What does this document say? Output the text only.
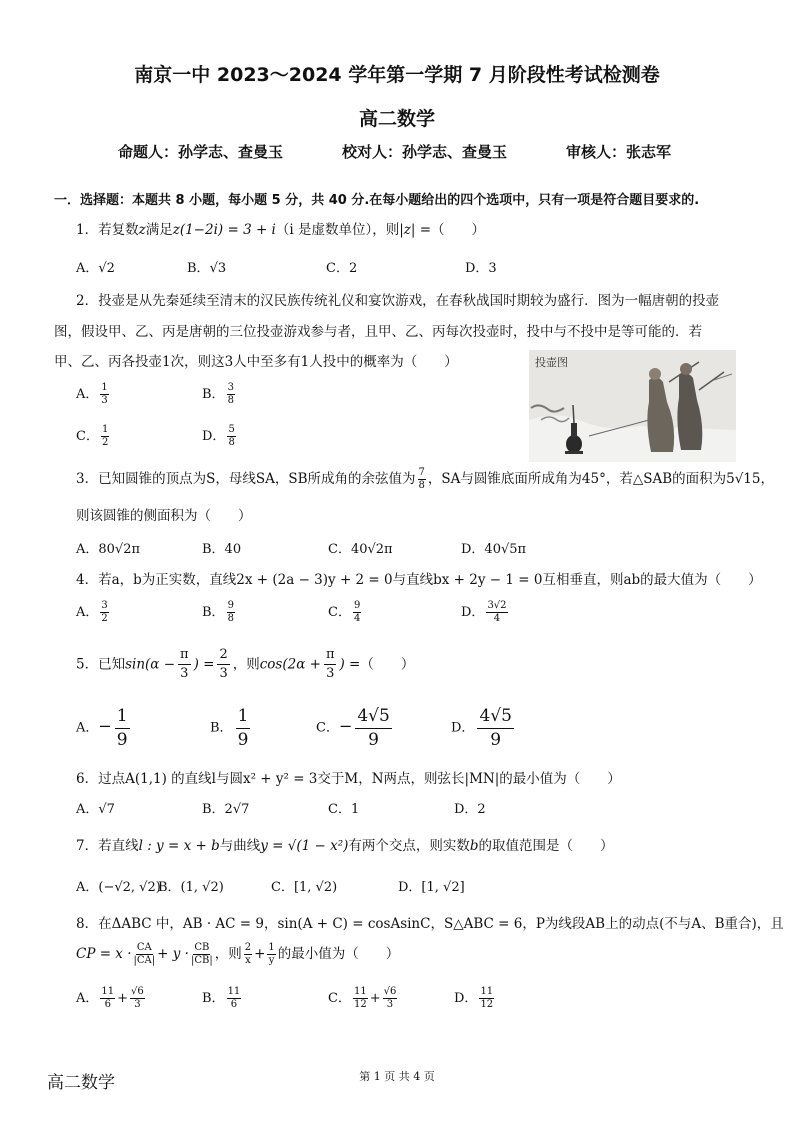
南京一中 2023～2024 学年第一学期 7 月阶段性考试检测卷
高二数学
命题人：孙学志、查曼玉	校对人：孙学志、查曼玉	审核人：张志军
一．选择题：本题共 8 小题，每小题 5 分，共 40 分.在每小题给出的四个选项中，只有一项是符合题目要求的.
1．若复数z满足z(1−2i) = 3 + i（i 是虚数单位），则|z| =（　　）
A．√2	B．√3	C．2	D．3
2．投壶是从先秦延续至清末的汉民族传统礼仪和宴饮游戏，在春秋战国时期较为盛行．图为一幅唐朝的投壶
图，假设甲、乙、丙是唐朝的三位投壶游戏参与者，且甲、乙、丙每次投壶时，投中与不投中是等可能的．若
甲、乙、丙各投壶1次，则这3人中至多有1人投中的概率为（　　）
A． $\frac{1}{3}$	B． $\frac{3}{8}$
C． $\frac{1}{2}$	D． $\frac{5}{8}$
投壶图
3．已知圆锥的顶点为S，母线SA，SB所成角的余弦值为 $\frac{7}{8}$ ，SA与圆锥底面所成角为45°，若△SAB的面积为5√15，
则该圆锥的侧面积为（　　）
A．80√2π	B．40	C．40√2π	D．40√5π
4．若a，b为正实数，直线2x + (2a − 3)y + 2 = 0与直线bx + 2y − 1 = 0互相垂直，则ab的最大值为（　　）
A． $\frac{3}{2}$	B． $\frac{9}{8}$	C． $\frac{9}{4}$	D． $\frac{3√2}{4}$
5．已知$\sin(\alpha - \frac{\pi}{3}$ ) = $\frac{2}{3}$ ，则$\cos(2\alpha + \frac{\pi}{3}$ ) =（　　）
A．− $\frac{1}{9}$	B． $\frac{1}{9}$	C．− $\frac{4√5}{9}$	D． $\frac{4√5}{9}$
6．过点A(1,1) 的直线l与圆x² + y² = 3交于M，N两点，则弦长|MN|的最小值为（　　）
A．√7	B．2√7	C．1	D．2
7．若直线l : y = x + b与曲线y = √(1 − x²)有两个交点，则实数b的取值范围是（　　）
A．(−√2, √2)
B．(1, √2)	C．[1, √2)	D．[1, √2]
8．在ΔABC 中，AB · AC = 9，sin(A + C) = cosAsinC，S△ABC = 6，P为线段AB上的动点(不与A、B重合)，且
CP = $x \cdot \frac{CA}{|CA|} + y \cdot \frac{CB}{|CB|}$ ，则 $\frac{2}{x} + \frac{1}{y}$ 的最小值为（　　）
A． $\frac{11}{6} + \frac{√6}{3}$	B． $\frac{11}{6}$	C． $\frac{11}{12} + \frac{√6}{3}$	D． $\frac{11}{12}$
高二数学	第 1 页 共 4 页
